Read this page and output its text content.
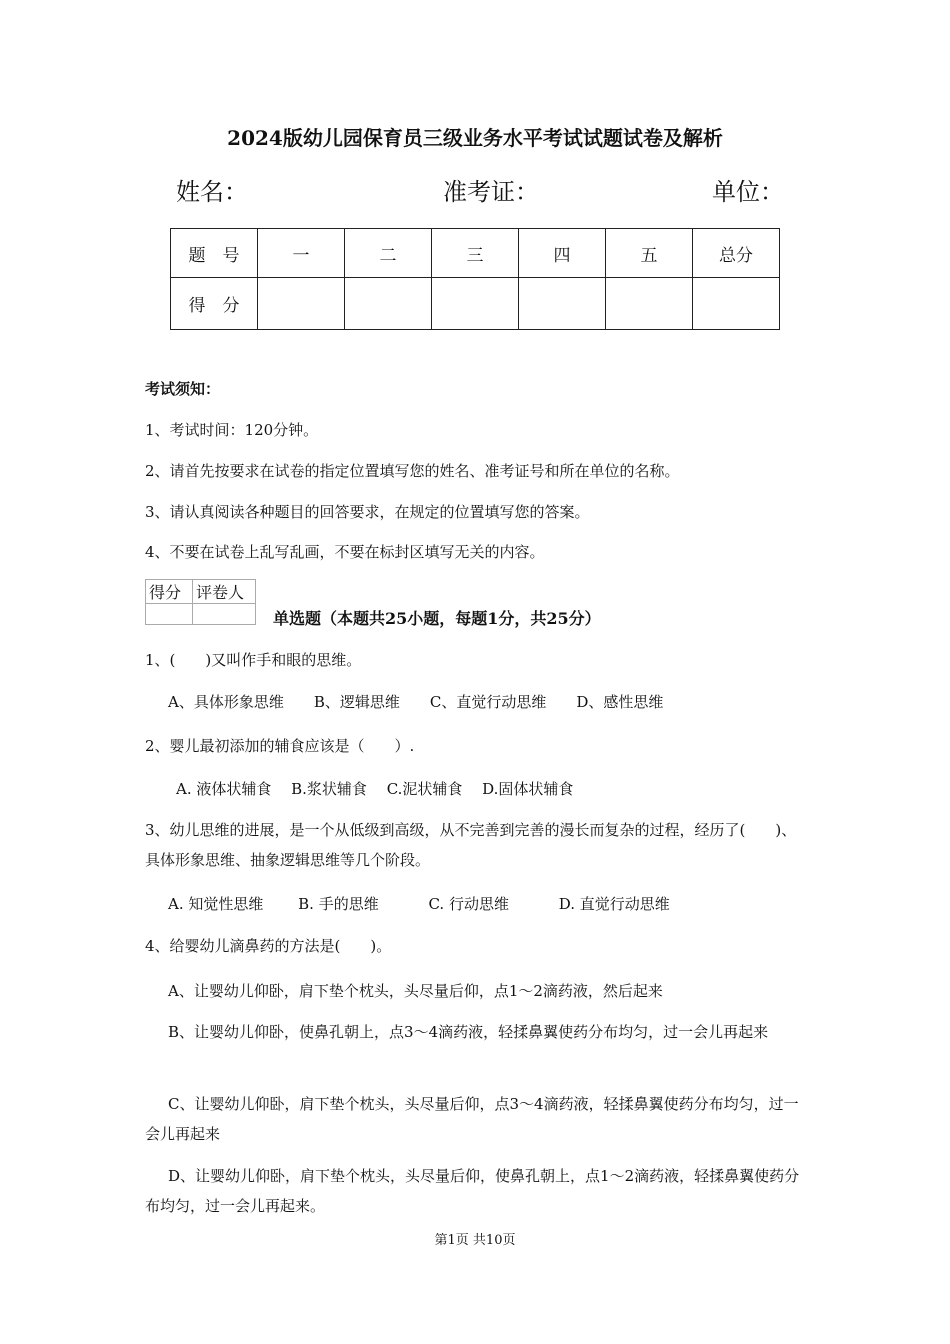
2024版幼儿园保育员三级业务水平考试试题试卷及解析
姓名：	准考证：	单位：
题　号	一	二	三	四	五	总分
得　分						
考试须知：
1、考试时间：120分钟。
2、请首先按要求在试卷的指定位置填写您的姓名、准考证号和所在单位的名称。
3、请认真阅读各种题目的回答要求，在规定的位置填写您的答案。
4、不要在试卷上乱写乱画，不要在标封区填写无关的内容。
得分	评卷人

单选题（本题共25小题，每题1分，共25分）
1、(　　)又叫作手和眼的思维。
A、具体形象思维　　B、逻辑思维　　C、直觉行动思维　　D、感性思维
2、婴儿最初添加的辅食应该是（　　）.
A. 液体状辅食　 B.浆状辅食　 C.泥状辅食　 D.固体状辅食
3、幼儿思维的进展，是一个从低级到高级，从不完善到完善的漫长而复杂的过程，经历了(　　)、具体形象思维、抽象逻辑思维等几个阶段。
A. 知觉性思维　　 B. 手的思维　　　 C. 行动思维　　　 D. 直觉行动思维
4、给婴幼儿滴鼻药的方法是(　　)。
A、让婴幼儿仰卧，肩下垫个枕头，头尽量后仰，点1～2滴药液，然后起来
B、让婴幼儿仰卧，使鼻孔朝上，点3～4滴药液，轻揉鼻翼使药分布均匀，过一会儿再起来
C、让婴幼儿仰卧，肩下垫个枕头，头尽量后仰，点3～4滴药液，轻揉鼻翼使药分布均匀，过一会儿再起来
D、让婴幼儿仰卧，肩下垫个枕头，头尽量后仰，使鼻孔朝上，点1～2滴药液，轻揉鼻翼使药分布均匀，过一会儿再起来。
第1页 共10页
